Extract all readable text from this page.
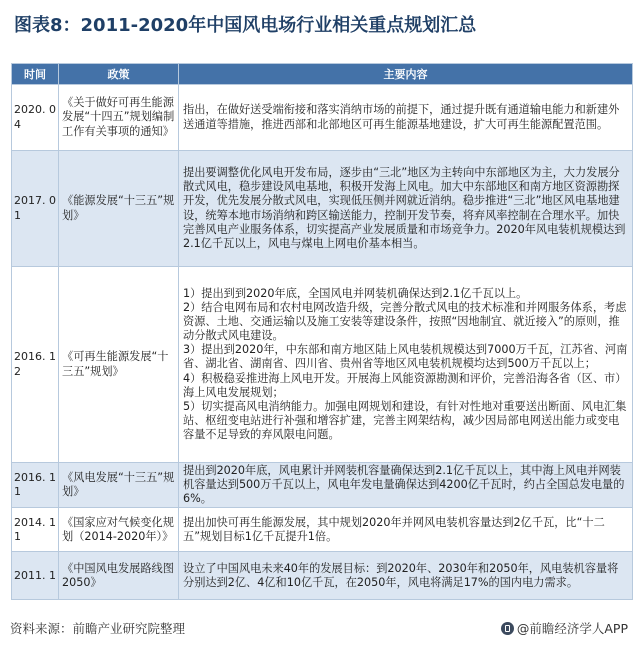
图表8：2011-2020年中国风电场行业相关重点规划汇总
时间	政策	主要内容
2020. 04	《关于做好可再生能源发展“十四五”规划编制工作有关事项的通知》	指出，在做好送受端衔接和落实消纳市场的前提下，通过提升既有通道输电能力和新建外送通道等措施，推进西部和北部地区可再生能源基地建设，扩大可再生能源配置范围。

2017. 01	《能源发展“十三五”规划》	提出要调整优化风电开发布局，逐步由“三北”地区为主转向中东部地区为主，大力发展分散式风电，稳步建设风电基地，积极开发海上风电。加大中东部地区和南方地区资源勘探开发，优先发展分散式风电，实现低压侧并网就近消纳。稳步推进“三北”地区风电基地建设，统筹本地市场消纳和跨区输送能力，控制开发节奏，将弃风率控制在合理水平。加快完善风电产业服务体系，切实提高产业发展质量和市场竞争力。2020年风电装机规模达到2.1亿千瓦以上，风电与煤电上网电价基本相当。

2016. 12	《可再生能源发展“十三五”规划》	1）提出到到2020年底，全国风电并网装机确保达到2.1亿千瓦以上。

2）结合电网布局和农村电网改造升级，完善分散式风电的技术标准和并网服务体系，考虑资源、土地、交通运输以及施工安装等建设条件，按照“因地制宜、就近接入”的原则，推动分散式风电建设。

3）提出到2020年，中东部和南方地区陆上风电装机规模达到7000万千瓦，江苏省、河南省、湖北省、湖南省、四川省、贵州省等地区风电装机规模均达到500万千瓦以上；

4）积极稳妥推进海上风电开发。开展海上风能资源勘测和评价，完善沿海各省（区、市）海上风电发展规划；

5）切实提高风电消纳能力。加强电网规划和建设，有针对性地对重要送出断面、风电汇集站、枢纽变电站进行补强和增容扩建，完善主网架结构，减少因局部电网送出能力或变电容量不足导致的弃风限电问题。

2016. 11	《风电发展“十三五”规划》	提出到2020年底，风电累计并网装机容量确保达到2.1亿千瓦以上，其中海上风电并网装机容量达到500万千瓦以上，风电年发电量确保达到4200亿千瓦时，约占全国总发电量的6%。

2014. 11	《国家应对气候变化规划（2014-2020年）》	提出加快可再生能源发展，其中规划2020年并网风电装机容量达到2亿千瓦，比“十二五”规划目标1亿千瓦提升1倍。

2011. 1	《中国风电发展路线图2050》	设立了中国风电未来40年的发展目标：到2020年、2030年和2050年，风电装机容量将分别达到2亿、4亿和10亿千瓦，在2050年，风电将满足17%的国内电力需求。

资料来源：前瞻产业研究院整理	@前瞻经济学人APP
